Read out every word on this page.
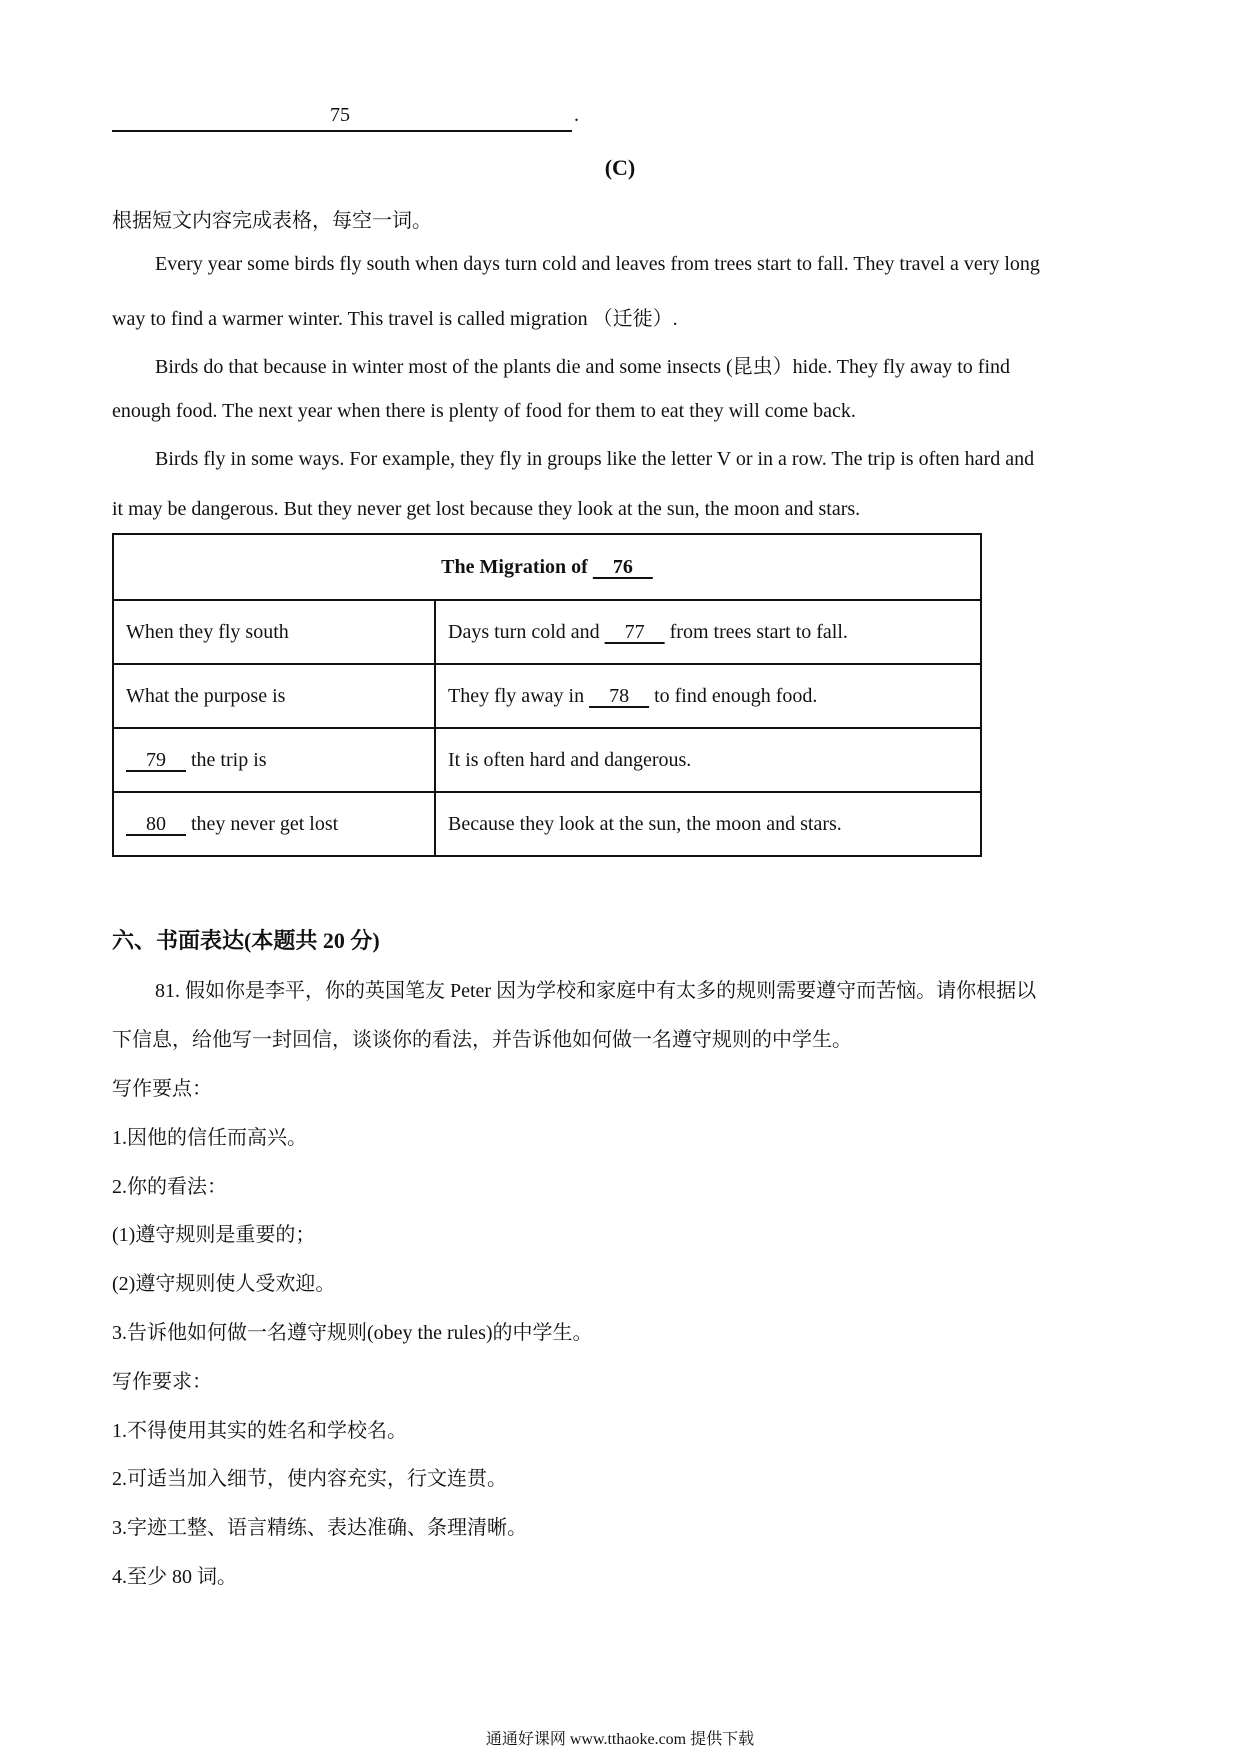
75	.
(C)
根据短文内容完成表格，每空一词。
Every year some birds fly south when days turn cold and leaves from trees start to fall. They travel a very long
way to find a warmer winter. This travel is called migration （迁徙）.
Birds do that because in winter most of the plants die and some insects (昆虫）hide. They fly away to find
enough food. The next year when there is plenty of food for them to eat they will come back.
Birds fly in some ways. For example, they fly in groups like the letter V or in a row. The trip is often hard and
it may be dangerous. But they never get lost because they look at the sun, the moon and stars.
The Migration of     76	
When they fly south	Days turn cold and     77     from trees start to fall.
What the purpose is	They fly away in     78     to find enough food.
79     the trip is	It is often hard and dangerous.
80     they never get lost	Because they look at the sun, the moon and stars.
六、书面表达(本题共 20 分)
81. 假如你是李平，你的英国笔友 Peter 因为学校和家庭中有太多的规则需要遵守而苦恼。请你根据以
下信息，给他写一封回信，谈谈你的看法，并告诉他如何做一名遵守规则的中学生。
写作要点：
1.因他的信任而高兴。
2.你的看法：
(1)遵守规则是重要的；
(2)遵守规则使人受欢迎。
3.告诉他如何做一名遵守规则(obey the rules)的中学生。
写作要求：
1.不得使用其实的姓名和学校名。
2.可适当加入细节，使内容充实，行文连贯。
3.字迹工整、语言精练、表达准确、条理清晰。
4.至少 80 词。
通通好课网 www.tthaoke.com 提供下载
